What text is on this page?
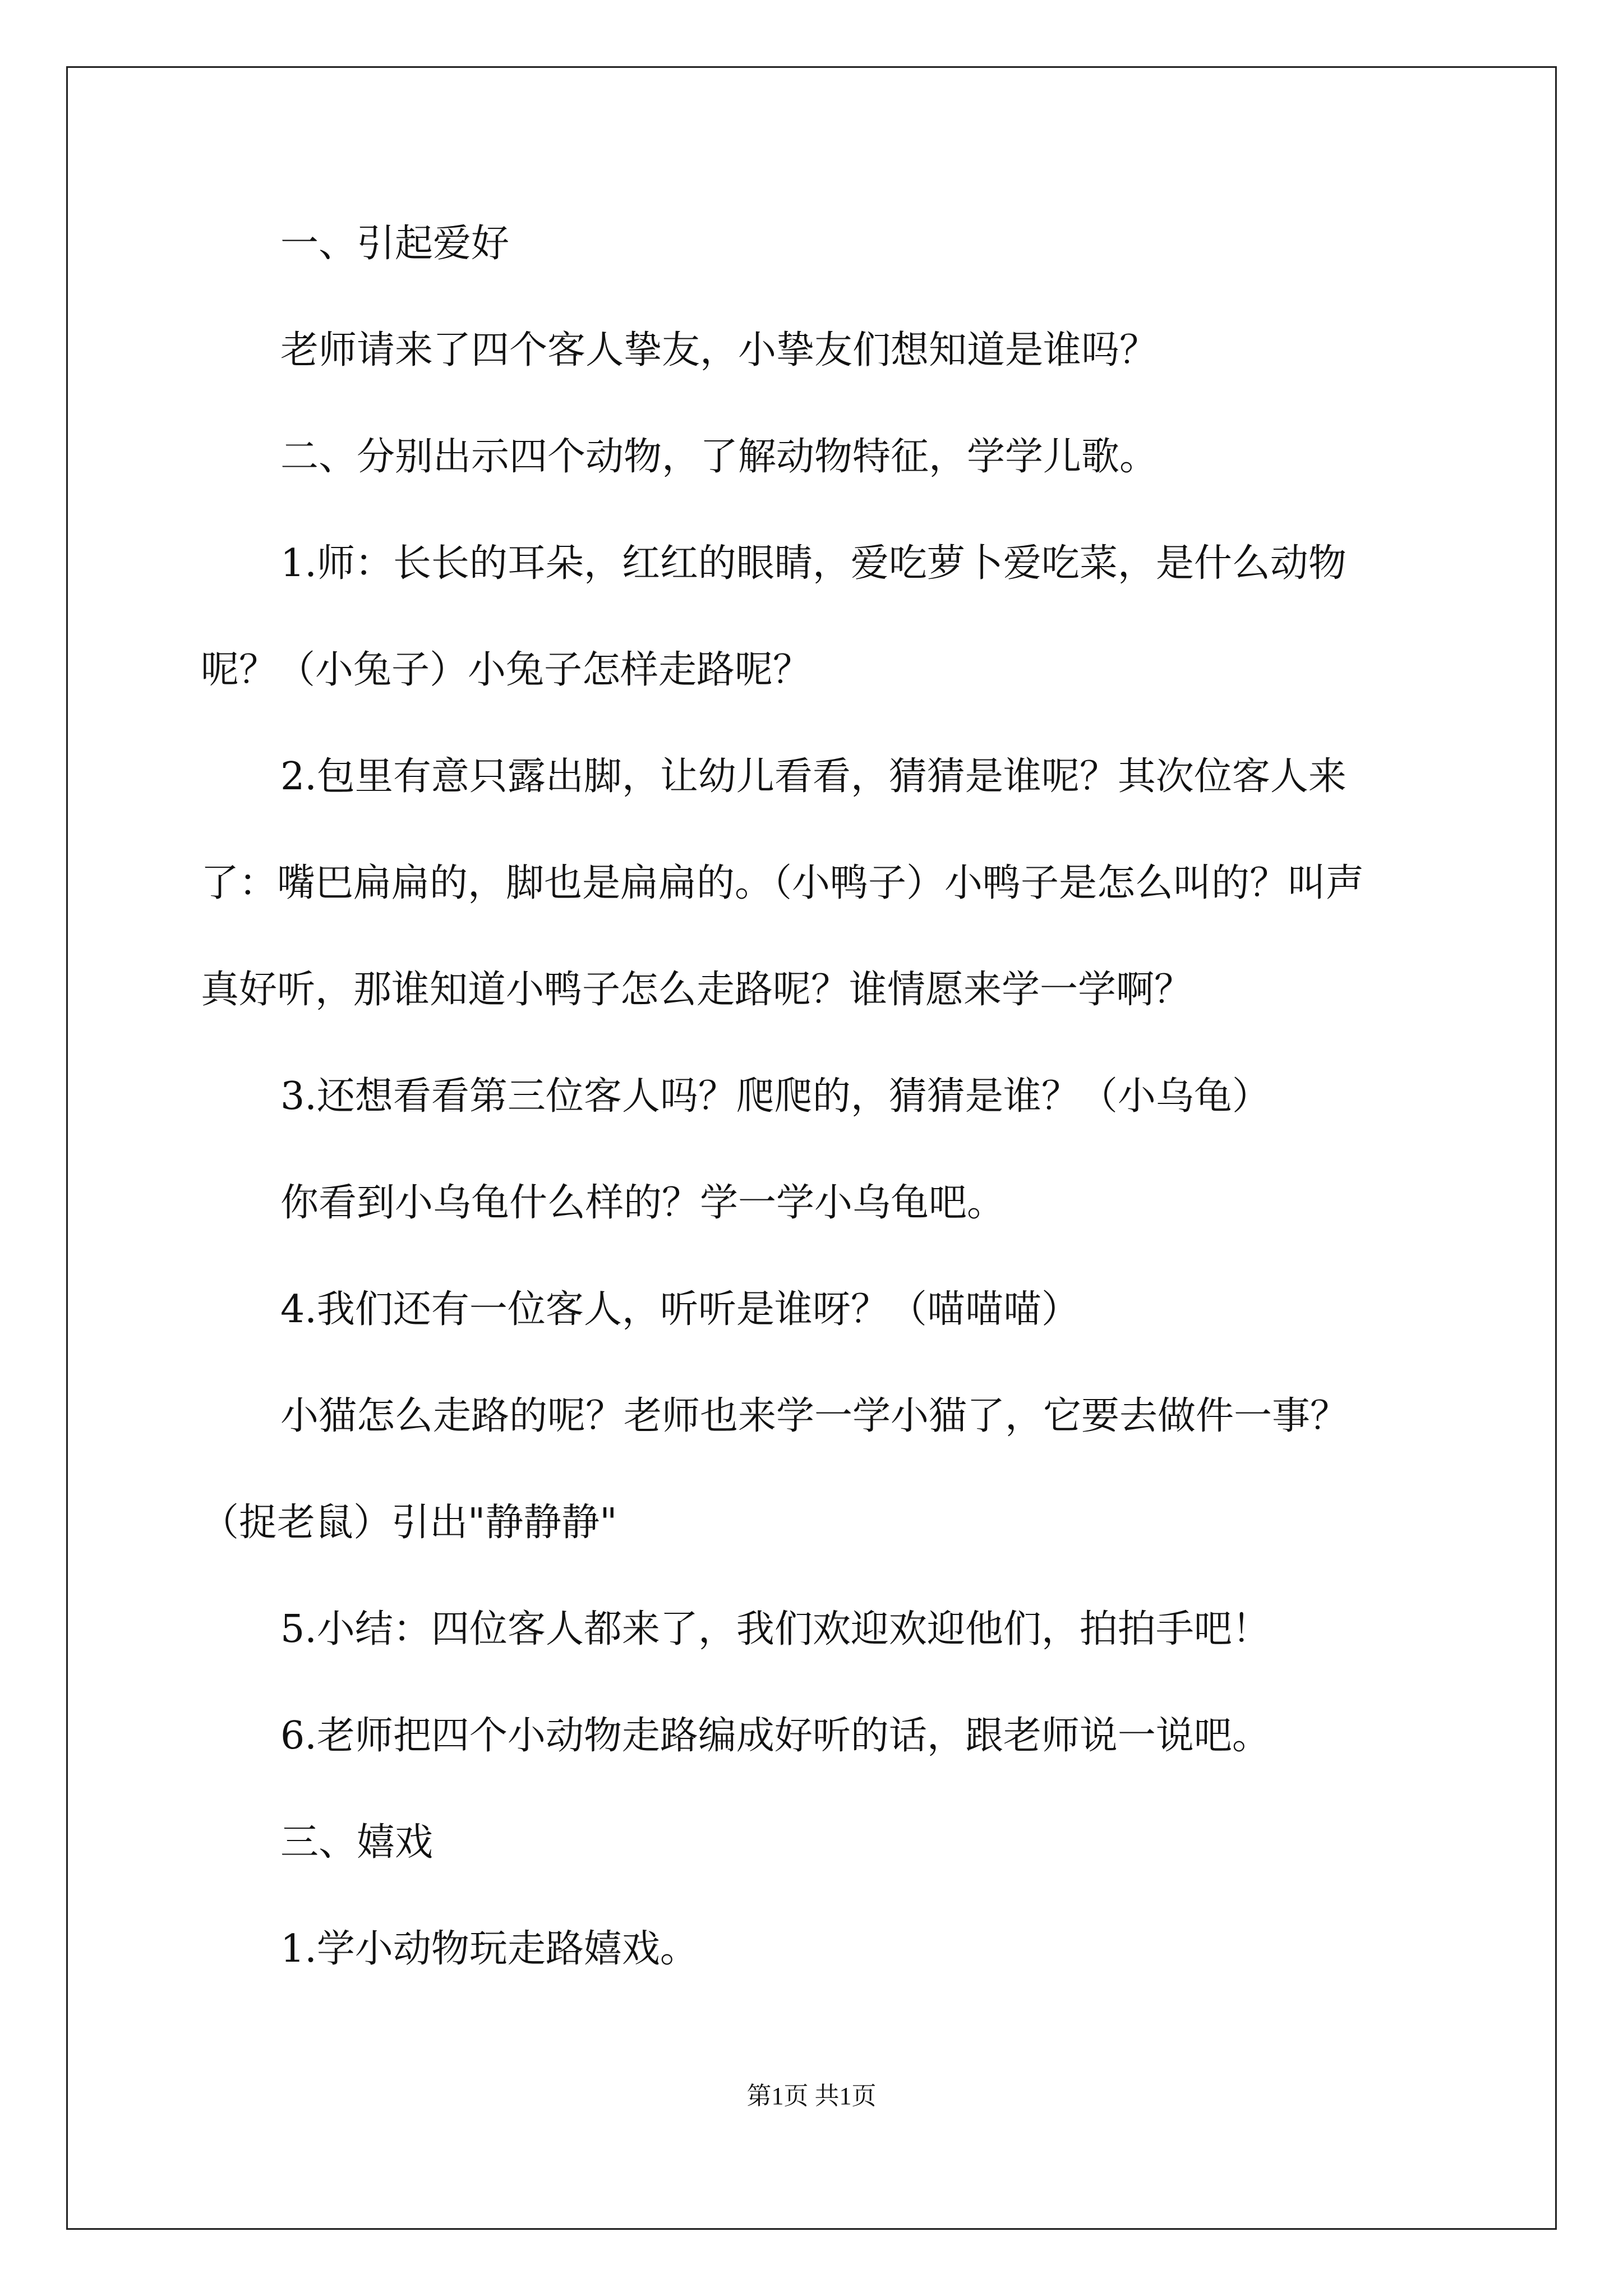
一、引起爱好
老师请来了四个客人挚友，小挚友们想知道是谁吗？
二、分别出示四个动物，了解动物特征，学学儿歌。
1.师：长长的耳朵，红红的眼睛，爱吃萝卜爱吃菜，是什么动物
呢？（小兔子）小兔子怎样走路呢？
2.包里有意只露出脚，让幼儿看看，猜猜是谁呢？其次位客人来
了：嘴巴扁扁的，脚也是扁扁的。（小鸭子）小鸭子是怎么叫的？叫声
真好听，那谁知道小鸭子怎么走路呢？谁情愿来学一学啊？
3.还想看看第三位客人吗？爬爬的，猜猜是谁？（小乌龟）
你看到小乌龟什么样的？学一学小乌龟吧。
4.我们还有一位客人，听听是谁呀？（喵喵喵）
小猫怎么走路的呢？老师也来学一学小猫了，它要去做件一事？
（捉老鼠）引出"静静静"
5.小结：四位客人都来了，我们欢迎欢迎他们，拍拍手吧！
6.老师把四个小动物走路编成好听的话，跟老师说一说吧。
三、嬉戏
1.学小动物玩走路嬉戏。
第1页 共1页
